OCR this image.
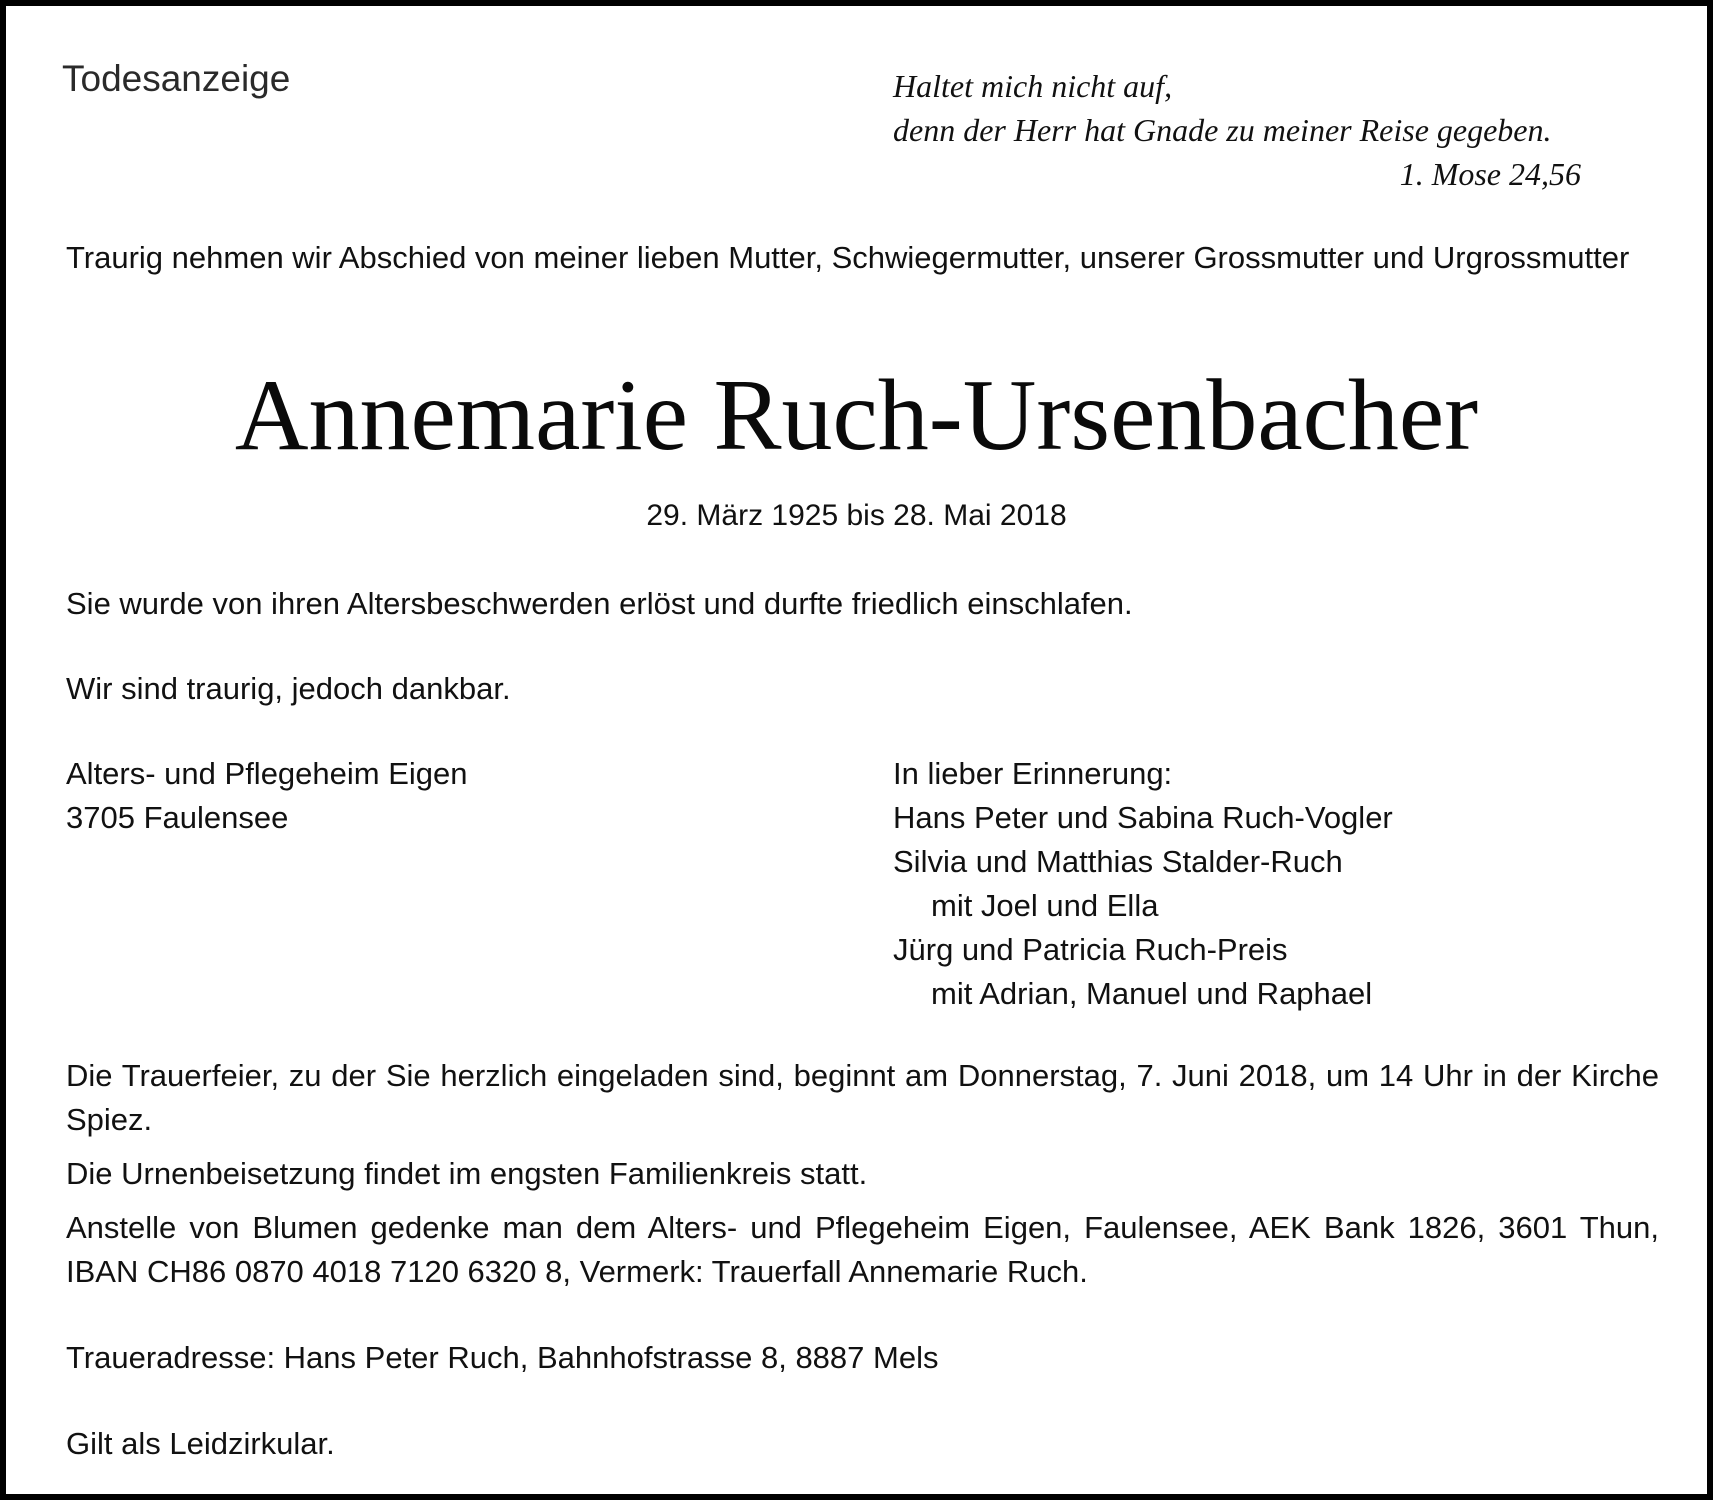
Todesanzeige	Haltet mich nicht auf,
denn der Herr hat Gnade zu meiner Reise gegeben.
1. Mose 24,56
Traurig nehmen wir Abschied von meiner lieben Mutter, Schwiegermutter, unserer Grossmutter und Urgrossmutter
Annemarie Ruch-Ursenbacher
29. März 1925 bis 28. Mai 2018
Sie wurde von ihren Altersbeschwerden erlöst und durfte friedlich einschlafen.
Wir sind traurig, jedoch dankbar.
Alters- und Pflegeheim Eigen
3705 Faulensee
In lieber Erinnerung:
Hans Peter und Sabina Ruch-Vogler
Silvia und Matthias Stalder-Ruch
mit Joel und Ella
Jürg und Patricia Ruch-Preis
mit Adrian, Manuel und Raphael
Die Trauerfeier, zu der Sie herzlich eingeladen sind, beginnt am Donnerstag, 7. Juni 2018, um 14 Uhr in der Kirche Spiez.
Die Urnenbeisetzung findet im engsten Familienkreis statt.
Anstelle von Blumen gedenke man dem Alters- und Pflegeheim Eigen, Faulensee, AEK Bank 1826, 3601 Thun, IBAN CH86 0870 4018 7120 6320 8, Vermerk: Trauerfall Annemarie Ruch.
Traueradresse: Hans Peter Ruch, Bahnhofstrasse 8, 8887 Mels
Gilt als Leidzirkular.
